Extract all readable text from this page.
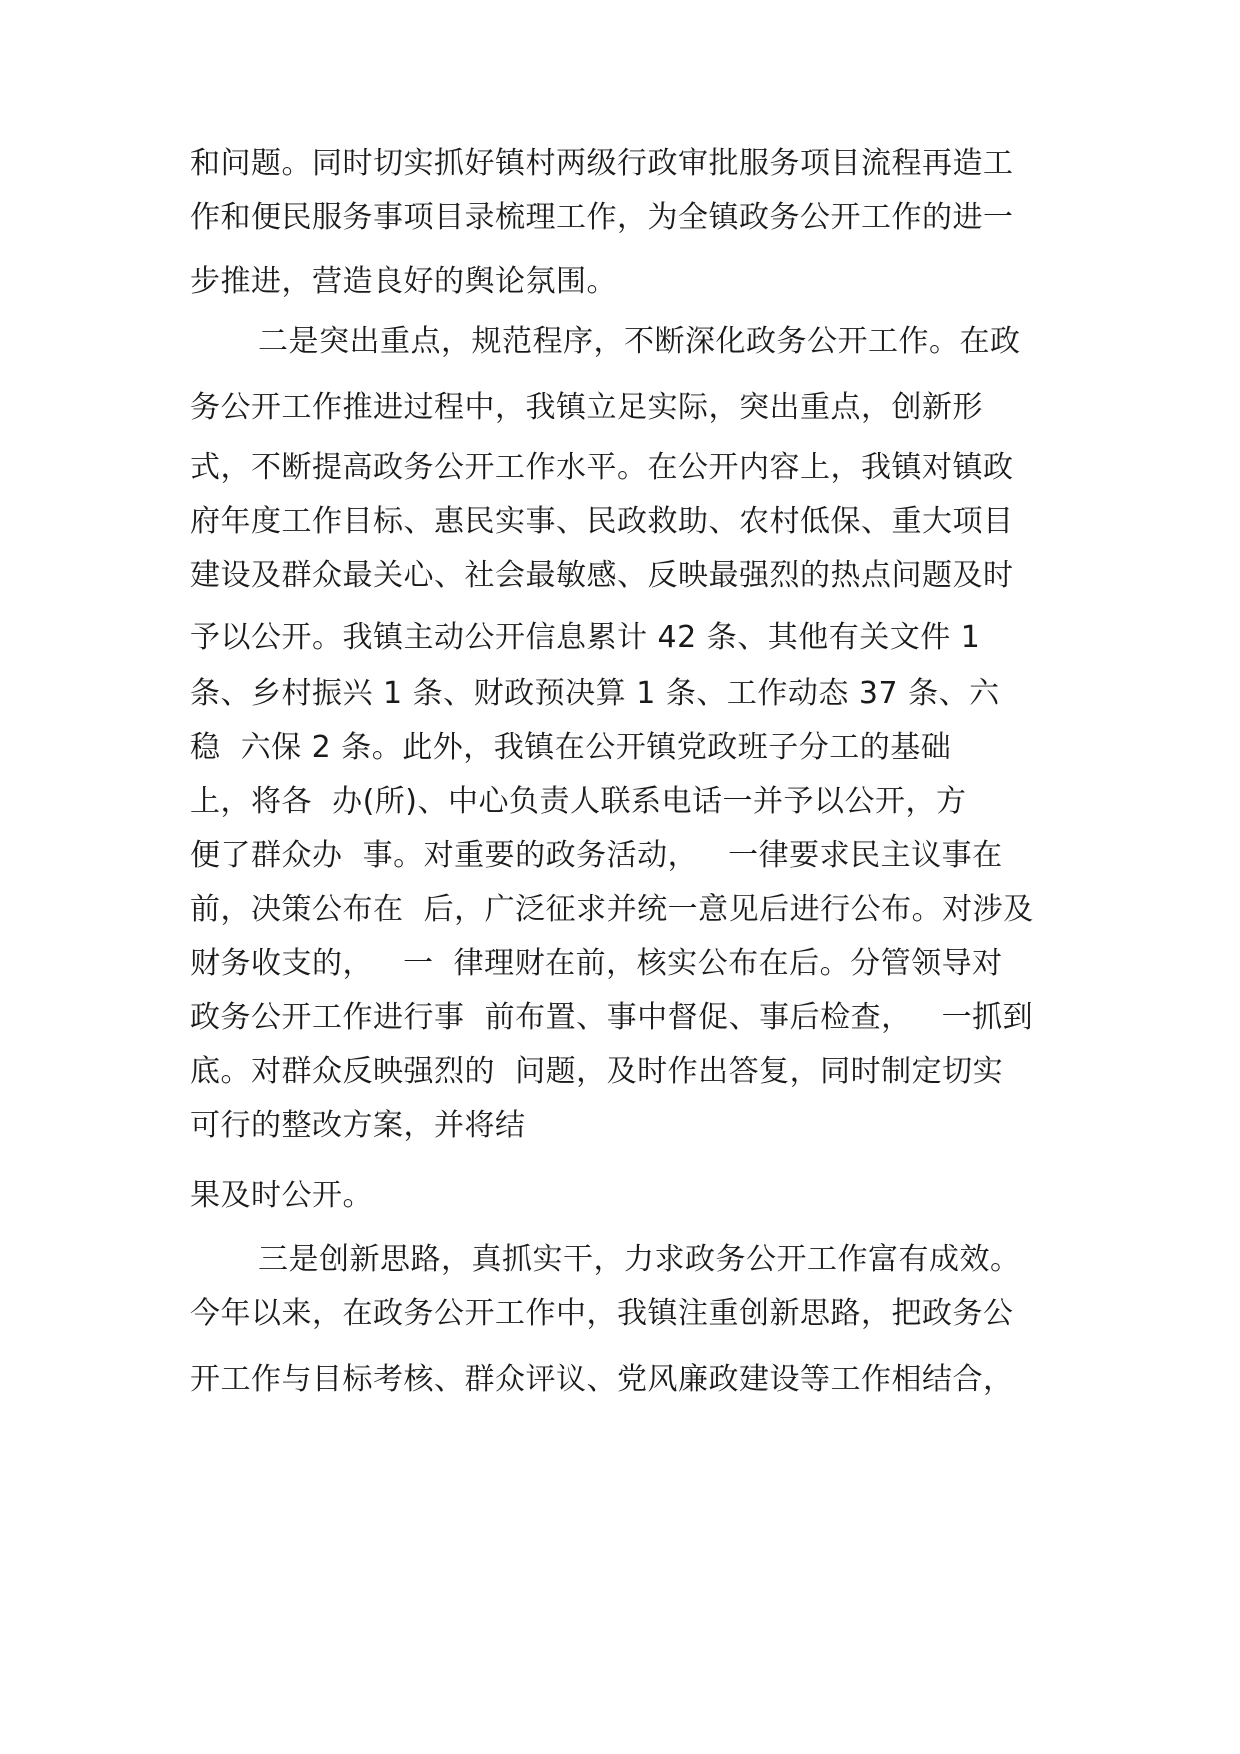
和问题。同时切实抓好镇村两级行政审批服务项目流程再造工
作和便民服务事项目录梳理工作，为全镇政务公开工作的进一
步推进，营造良好的舆论氛围。
二是突出重点，规范程序，不断深化政务公开工作。在政
务公开工作推进过程中，我镇立足实际，突出重点，创新形
式，不断提高政务公开工作水平。在公开内容上，我镇对镇政
府年度工作目标、惠民实事、民政救助、农村低保、重大项目
建设及群众最关心、社会最敏感、反映最强烈的热点问题及时
予以公开。我镇主动公开信息累计 42 条、其他有关文件 1
条、乡村振兴 1 条、财政预决算 1 条、工作动态 37 条、六
稳  六保 2 条。此外，我镇在公开镇党政班子分工的基础
上，将各  办(所)、中心负责人联系电话一并予以公开，方
便了群众办  事。对重要的政务活动，   一律要求民主议事在
前，决策公布在  后，广泛征求并统一意见后进行公布。对涉及
财务收支的，   一  律理财在前，核实公布在后。分管领导对
政务公开工作进行事  前布置、事中督促、事后检查，   一抓到
底。对群众反映强烈的  问题，及时作出答复，同时制定切实
可行的整改方案，并将结
果及时公开。
三是创新思路，真抓实干，力求政务公开工作富有成效。
今年以来，在政务公开工作中，我镇注重创新思路，把政务公
开工作与目标考核、群众评议、党风廉政建设等工作相结合，
